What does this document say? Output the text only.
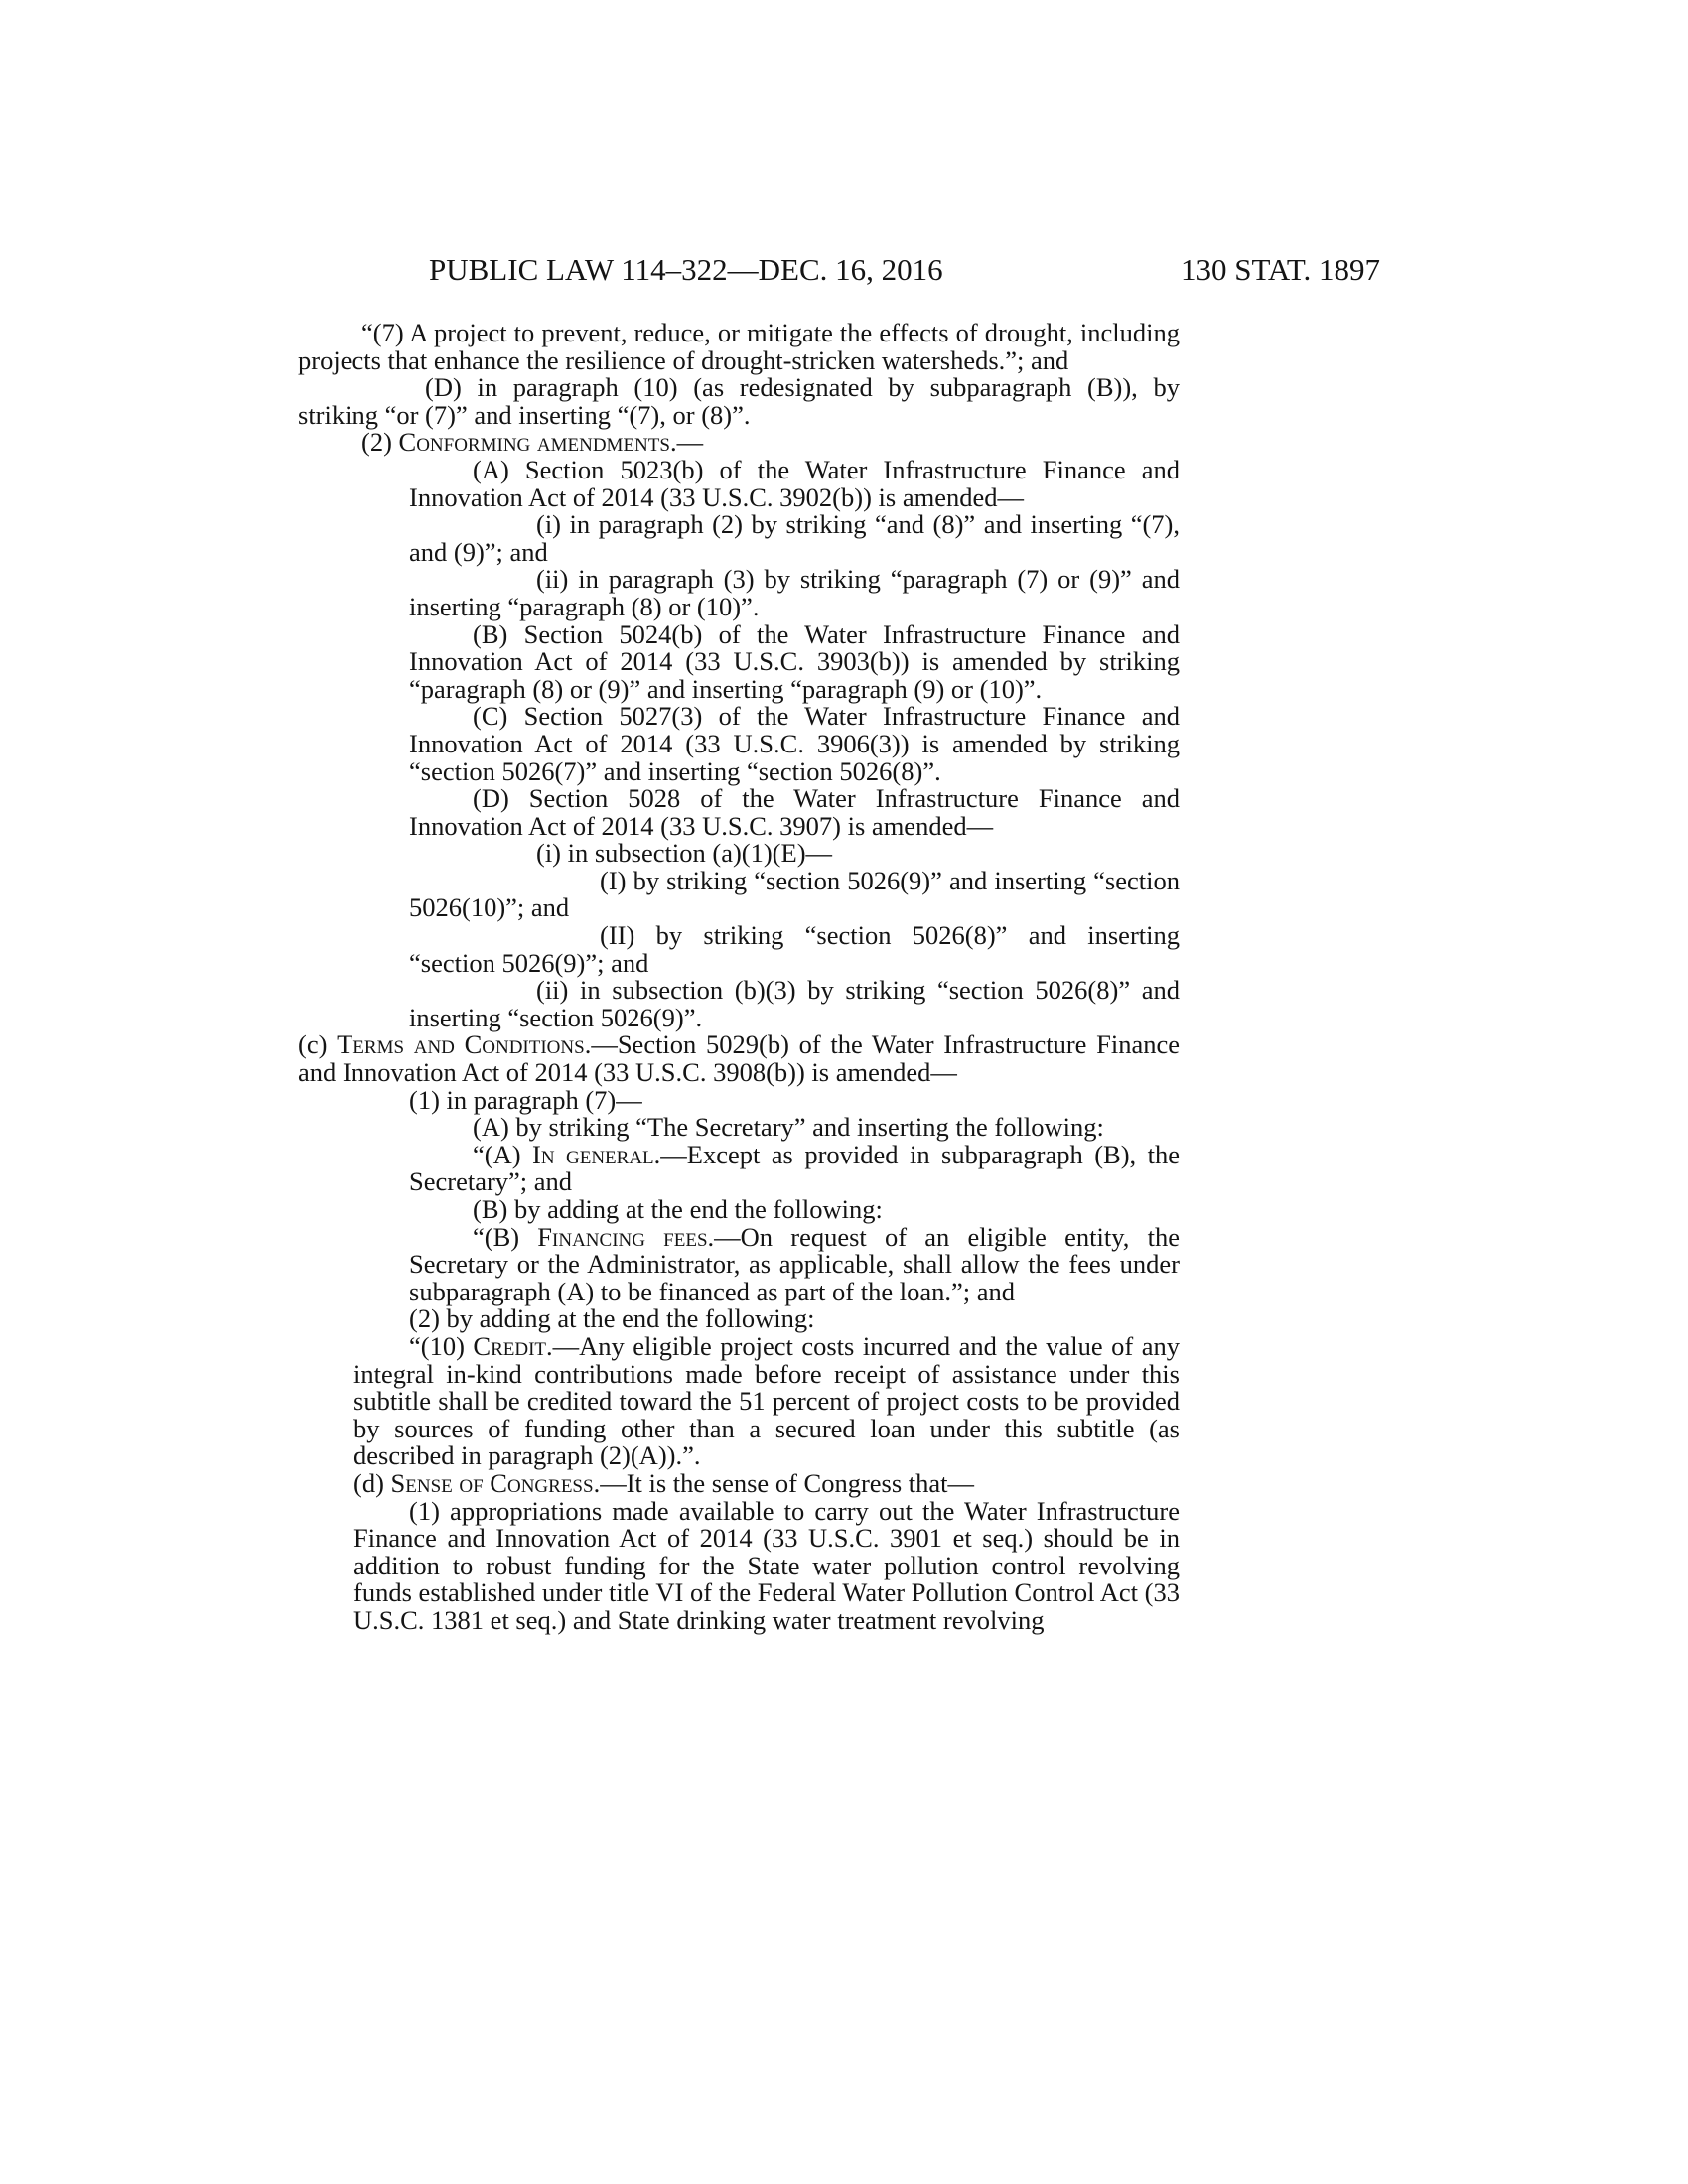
PUBLIC LAW 114–322—DEC. 16, 2016	130 STAT. 1897

“(7) A project to prevent, reduce, or mitigate the effects of drought, including projects that enhance the resilience of drought-stricken watersheds.”; and

(D) in paragraph (10) (as redesignated by subparagraph (B)), by striking “or (7)” and inserting “(7), or (8)”.

(2) Conforming amendments.—

(A) Section 5023(b) of the Water Infrastructure Finance and Innovation Act of 2014 (33 U.S.C. 3902(b)) is amended—

(i) in paragraph (2) by striking “and (8)” and inserting “(7), and (9)”; and

(ii) in paragraph (3) by striking “paragraph (7) or (9)” and inserting “paragraph (8) or (10)”.

(B) Section 5024(b) of the Water Infrastructure Finance and Innovation Act of 2014 (33 U.S.C. 3903(b)) is amended by striking “paragraph (8) or (9)” and inserting “paragraph (9) or (10)”.

(C) Section 5027(3) of the Water Infrastructure Finance and Innovation Act of 2014 (33 U.S.C. 3906(3)) is amended by striking “section 5026(7)” and inserting “section 5026(8)”.

(D) Section 5028 of the Water Infrastructure Finance and Innovation Act of 2014 (33 U.S.C. 3907) is amended—

(i) in subsection (a)(1)(E)—

(I) by striking “section 5026(9)” and inserting “section 5026(10)”; and

(II) by striking “section 5026(8)” and inserting “section 5026(9)”; and

(ii) in subsection (b)(3) by striking “section 5026(8)” and inserting “section 5026(9)”.

(c) Terms and Conditions.—Section 5029(b) of the Water Infrastructure Finance and Innovation Act of 2014 (33 U.S.C. 3908(b)) is amended—

(1) in paragraph (7)—

(A) by striking “The Secretary” and inserting the following:

“(A) In general.—Except as provided in subparagraph (B), the Secretary”; and

(B) by adding at the end the following:

“(B) Financing fees.—On request of an eligible entity, the Secretary or the Administrator, as applicable, shall allow the fees under subparagraph (A) to be financed as part of the loan.”; and

(2) by adding at the end the following:

“(10) Credit.—Any eligible project costs incurred and the value of any integral in-kind contributions made before receipt of assistance under this subtitle shall be credited toward the 51 percent of project costs to be provided by sources of funding other than a secured loan under this subtitle (as described in paragraph (2)(A)).”.

(d) Sense of Congress.—It is the sense of Congress that—

(1) appropriations made available to carry out the Water Infrastructure Finance and Innovation Act of 2014 (33 U.S.C. 3901 et seq.) should be in addition to robust funding for the State water pollution control revolving funds established under title VI of the Federal Water Pollution Control Act (33 U.S.C. 1381 et seq.) and State drinking water treatment revolving
